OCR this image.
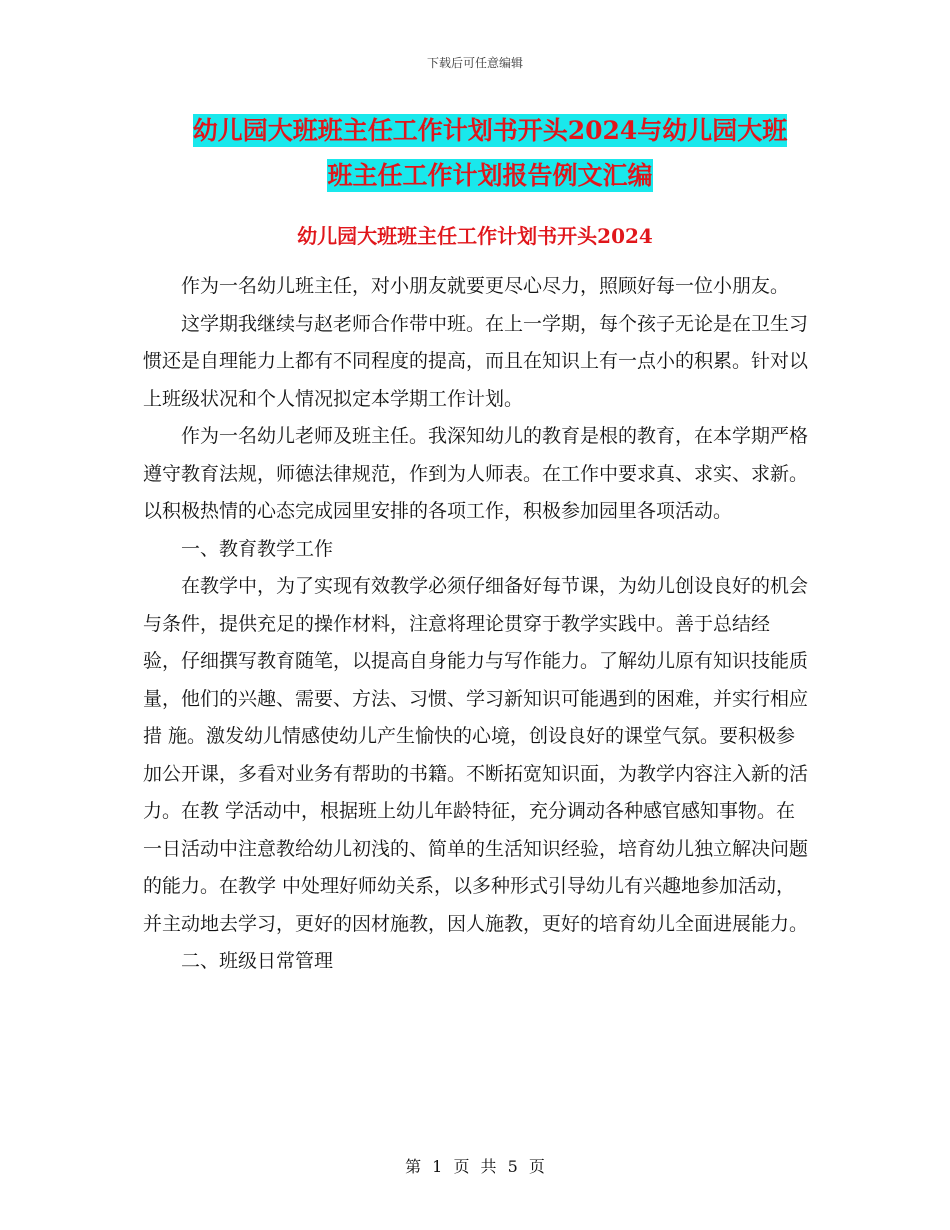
下载后可任意编辑
幼儿园大班班主任工作计划书开头2024与幼儿园大班
班主任工作计划报告例文汇编
幼儿园大班班主任工作计划书开头2024

作为一名幼儿班主任，对小朋友就要更尽心尽力，照顾好每一位小朋友。

这学期我继续与赵老师合作带中班。在上一学期，每个孩子无论是在卫生习惯还是自理能力上都有不同程度的提高，而且在知识上有一点小的积累。针对以上班级状况和个人情况拟定本学期工作计划。

作为一名幼儿老师及班主任。我深知幼儿的教育是根的教育，在本学期严格遵守教育法规，师德法律规范，作到为人师表。在工作中要求真、求实、求新。以积极热情的心态完成园里安排的各项工作，积极参加园里各项活动。

一、教育教学工作

在教学中，为了实现有效教学必须仔细备好每节课，为幼儿创设良好的机会与条件，提供充足的操作材料，注意将理论贯穿于教学实践中。善于总结经 验，仔细撰写教育随笔，以提高自身能力与写作能力。了解幼儿原有知识技能质量，他们的兴趣、需要、方法、习惯、学习新知识可能遇到的困难，并实行相应措 施。激发幼儿情感使幼儿产生愉快的心境，创设良好的课堂气氛。要积极参加公开课，多看对业务有帮助的书籍。不断拓宽知识面，为教学内容注入新的活力。在教 学活动中，根据班上幼儿年龄特征，充分调动各种感官感知事物。在一日活动中注意教给幼儿初浅的、简单的生活知识经验，培育幼儿独立解决问题的能力。在教学 中处理好师幼关系，以多种形式引导幼儿有兴趣地参加活动，并主动地去学习，更好的因材施教，因人施教，更好的培育幼儿全面进展能力。

二、班级日常管理

第 1 页 共 5 页
